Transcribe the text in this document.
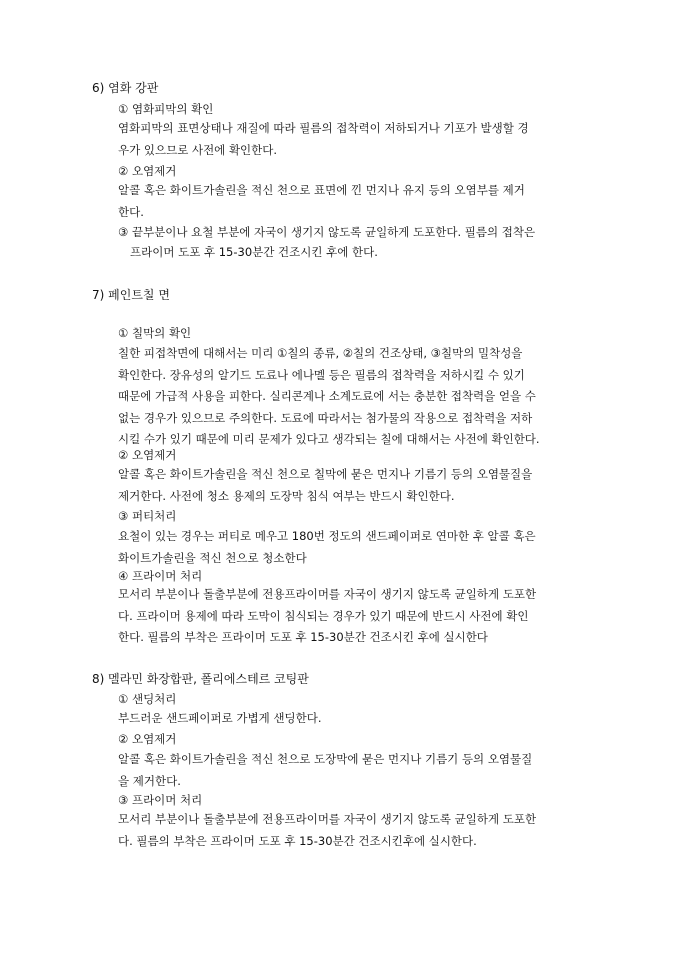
6) 염화 강판
① 염화피막의 확인
염화피막의 표면상태나 재질에 따라 필름의 접착력이 저하되거나 기포가 발생할 경
우가 있으므로 사전에 확인한다.
② 오염제거
알콜 혹은 화이트가솔린을 적신 천으로 표면에 낀 먼지나 유지 등의 오염부를 제거
한다.
③ 끝부분이나 요철 부분에 자국이 생기지 않도록 균일하게 도포한다. 필름의 접착은
프라이머 도포 후 15-30분간 건조시킨 후에 한다.
7) 페인트칠 면
① 칠막의 확인
칠한 피접착면에 대해서는 미리 ①칠의 종류, ②칠의 건조상태, ③칠막의 밀착성을
확인한다. 장유성의 알기드 도료나 에나멜 등은 필름의 접착력을 저하시킬 수 있기
때문에 가급적 사용을 피한다. 실리콘계나 소계도료에 서는 충분한 접착력을 얻을 수
없는 경우가 있으므로 주의한다. 도료에 따라서는 첨가물의 작용으로 접착력을 저하
시킬 수가 있기 때문에 미리 문제가 있다고 생각되는 칠에 대해서는 사전에 확인한다.
② 오염제거
알콜 혹은 화이트가솔린을 적신 천으로 칠막에 묻은 먼지나 기름기 등의 오염물질을
제거한다. 사전에 청소 용제의 도장막 침식 여부는 반드시 확인한다.
③ 퍼티처리
요철이 있는 경우는 퍼티로 메우고 180번 정도의 샌드페이퍼로 연마한 후 알콜 혹은
화이트가솔린을 적신 천으로 청소한다
④ 프라이머 처리
모서리 부분이나 돌출부분에 전용프라이머를 자국이 생기지 않도록 균일하게 도포한
다. 프라이머 용제에 따라 도막이 침식되는 경우가 있기 때문에 반드시 사전에 확인
한다. 필름의 부착은 프라이머 도포 후 15-30분간 건조시킨 후에 실시한다
8) 멜라민 화장합판, 폴리에스테르 코팅판
① 샌딩처리
부드러운 샌드페이퍼로 가볍게 샌딩한다.
② 오염제거
알콜 혹은 화이트가솔린을 적신 천으로 도장막에 묻은 먼지나 기름기 등의 오염물질
을 제거한다.
③ 프라이머 처리
모서리 부분이나 돌출부분에 전용프라이머를 자국이 생기지 않도록 균일하게 도포한
다. 필름의 부착은 프라이머 도포 후 15-30분간 건조시킨후에 실시한다.
